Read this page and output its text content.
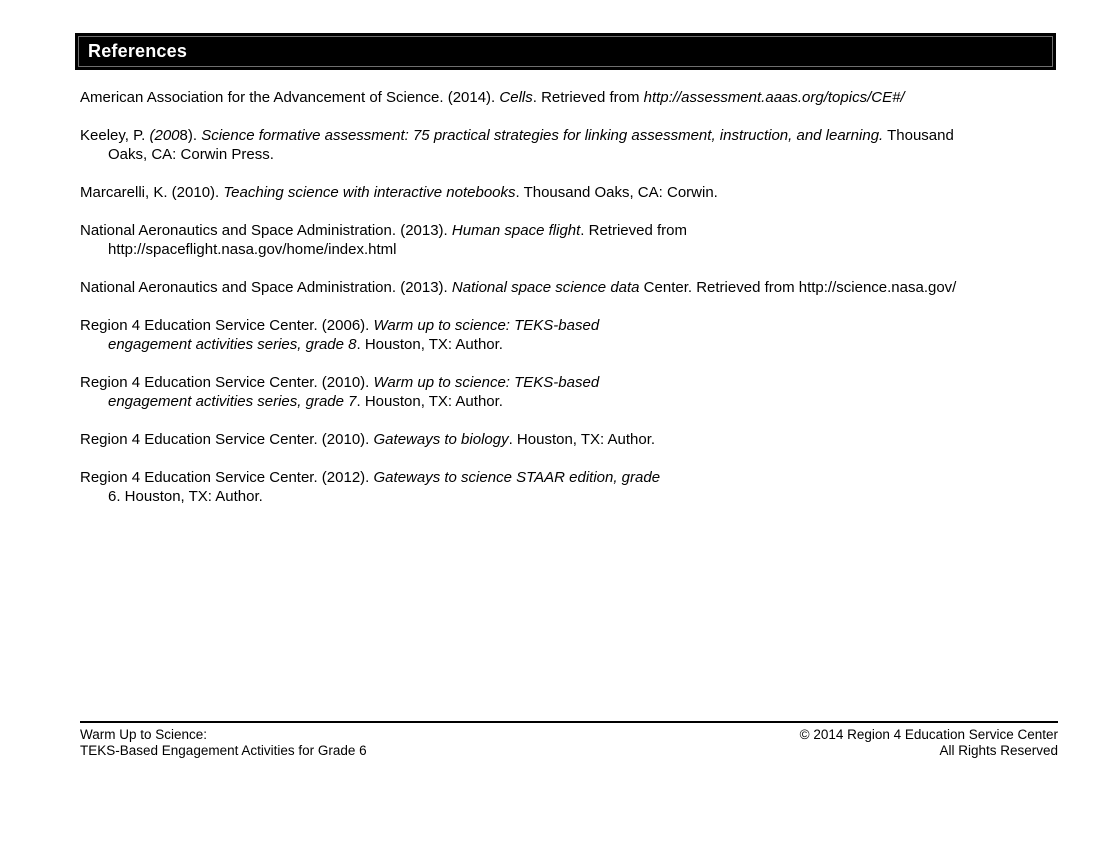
References

American Association for the Advancement of Science. (2014). Cells. Retrieved from http://assessment.aaas.org/topics/CE#/

Keeley, P. (2008). Science formative assessment: 75 practical strategies for linking assessment, instruction, and learning. Thousand
Oaks, CA: Corwin Press.

Marcarelli, K. (2010). Teaching science with interactive notebooks. Thousand Oaks, CA: Corwin.

National Aeronautics and Space Administration. (2013). Human space flight. Retrieved from
http://spaceflight.nasa.gov/home/index.html

National Aeronautics and Space Administration. (2013). National space science data Center. Retrieved from http://science.nasa.gov/

Region 4 Education Service Center. (2006). Warm up to science: TEKS-based
engagement activities series, grade 8. Houston, TX: Author.

Region 4 Education Service Center. (2010). Warm up to science: TEKS-based
engagement activities series, grade 7. Houston, TX: Author.

Region 4 Education Service Center. (2010). Gateways to biology. Houston, TX: Author.

Region 4 Education Service Center. (2012). Gateways to science STAAR edition, grade
6. Houston, TX: Author.

Warm Up to Science:
TEKS-Based Engagement Activities for Grade 6
© 2014 Region 4 Education Service Center
All Rights Reserved
